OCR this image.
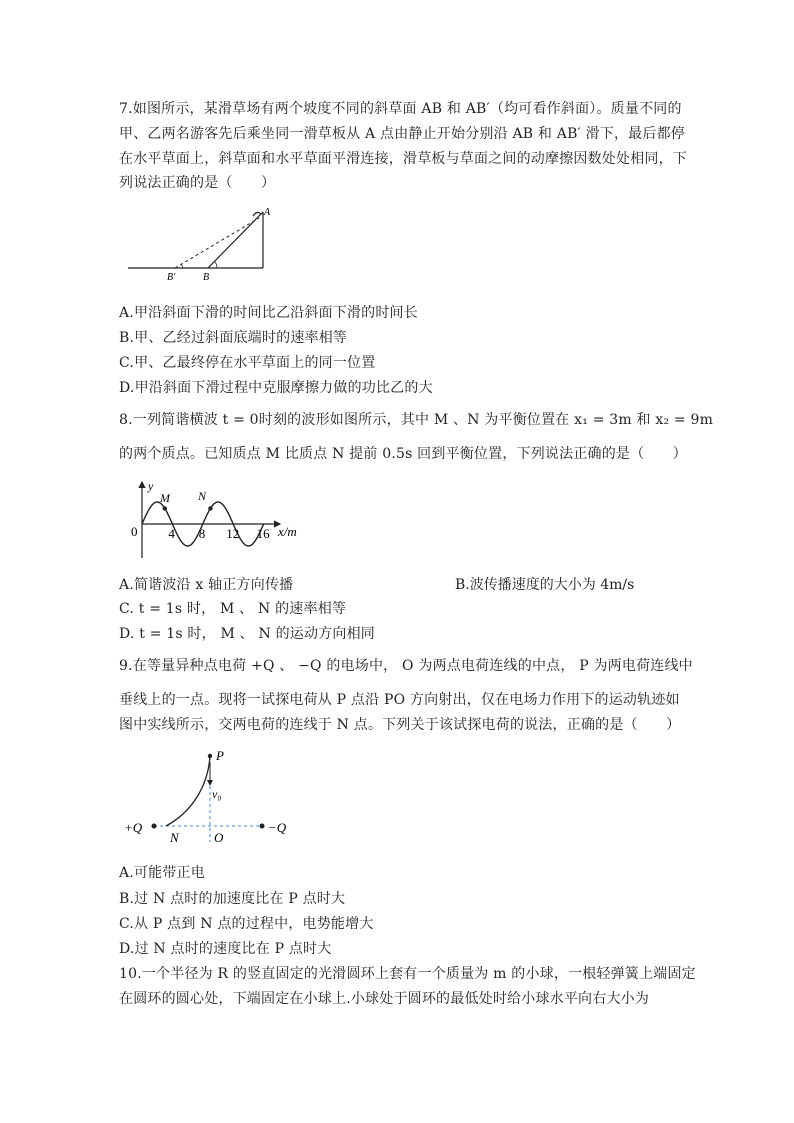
7.如图所示，某滑草场有两个坡度不同的斜草面 AB 和 AB′（均可看作斜面）。质量不同的
甲、乙两名游客先后乘坐同一滑草板从 A 点由静止开始分别沿 AB 和 AB′ 滑下，最后都停
在水平草面上，斜草面和水平草面平滑连接，滑草板与草面之间的动摩擦因数处处相同，下
列说法正确的是（　　）
A
B
B′
A.甲沿斜面下滑的时间比乙沿斜面下滑的时间长
B.甲、乙经过斜面底端时的速率相等
C.甲、乙最终停在水平草面上的同一位置
D.甲沿斜面下滑过程中克服摩擦力做的功比乙的大
8.一列简谐横波 t = 0时刻的波形如图所示，其中 M 、N 为平衡位置在 x₁ = 3m 和 x₂ = 9m
的两个质点。已知质点 M 比质点 N 提前 0.5s 回到平衡位置，下列说法正确的是（　　）
4 8 12 16
y
x/m
0
M N
A.简谐波沿 x 轴正方向传播	B.波传播速度的大小为 4m/s
C. t = 1s 时， M 、 N 的速率相等
D. t = 1s 时， M 、 N 的运动方向相同
9.在等量异种点电荷 +Q 、 −Q 的电场中， O 为两点电荷连线的中点， P 为两电荷连线中
垂线上的一点。现将一试探电荷从 P 点沿 PO 方向射出，仅在电场力作用下的运动轨迹如
图中实线所示，交两电荷的连线于 N 点。下列关于该试探电荷的说法，正确的是（　　）
P
v₀
+Q	−Q
N	O
A.可能带正电
B.过 N 点时的加速度比在 P 点时大
C.从 P 点到 N 点的过程中，电势能增大
D.过 N 点时的速度比在 P 点时大
10.一个半径为 R 的竖直固定的光滑圆环上套有一个质量为 m 的小球，一根轻弹簧上端固定
在圆环的圆心处，下端固定在小球上.小球处于圆环的最低处时给小球水平向右大小为
